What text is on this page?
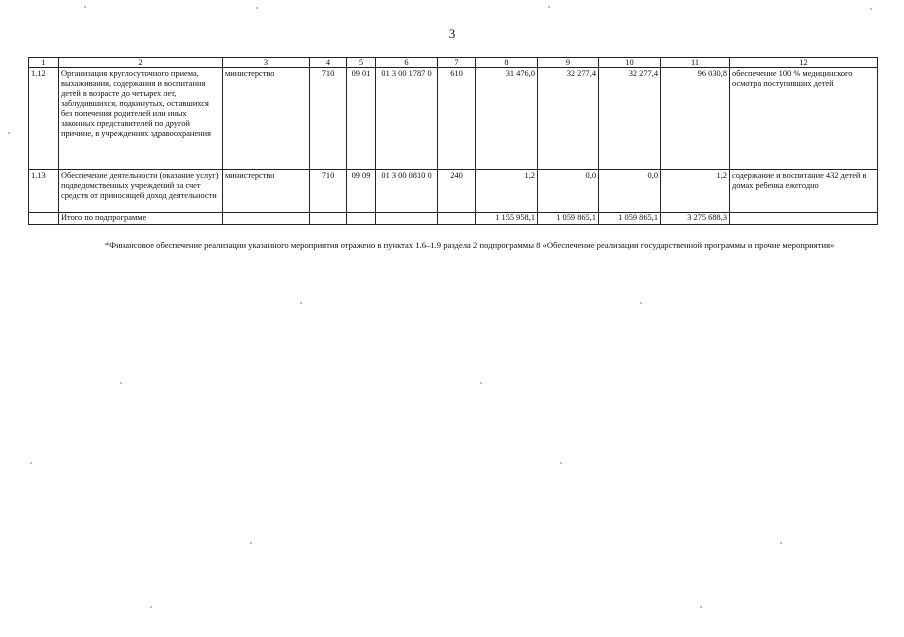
3
1	2	3	4	5	6	7	8	9	10	11	12
1.12	Организация круглосуточного приема, выхаживания, содержания и воспитания детей в возрасте до четырех лет, заблудившихся, подкинутых, оставшихся без попечения родителей или иных законных представителей по другой причине, в учреждениях здравоохранения	министерство	710	09 01	01 3 00 1787 0	610	31 476,0	32 277,4	32 277,4	96 030,8	обеспечение 100 % медицинского осмотра поступивших детей
1.13	Обеспечение деятельности (оказание услуг) подведомственных учреждений за счет средств от приносящей доход деятельности	министерство	710	09 09	01 3 00 0810 0	240	1,2	0,0	0,0	1,2	содержание и воспитание 432 детей в домах ребенка ежегодно
	Итого по подпрограмме						1 155 958,1	1 059 865,1	1 059 865,1	3 275 688,3	
*Финансовое обеспечение реализации указанного мероприятия отражено в пунктах 1.6–1.9 раздела 2 подпрограммы 8 «Обеспечение реализации государственной программы и прочие мероприятия»
